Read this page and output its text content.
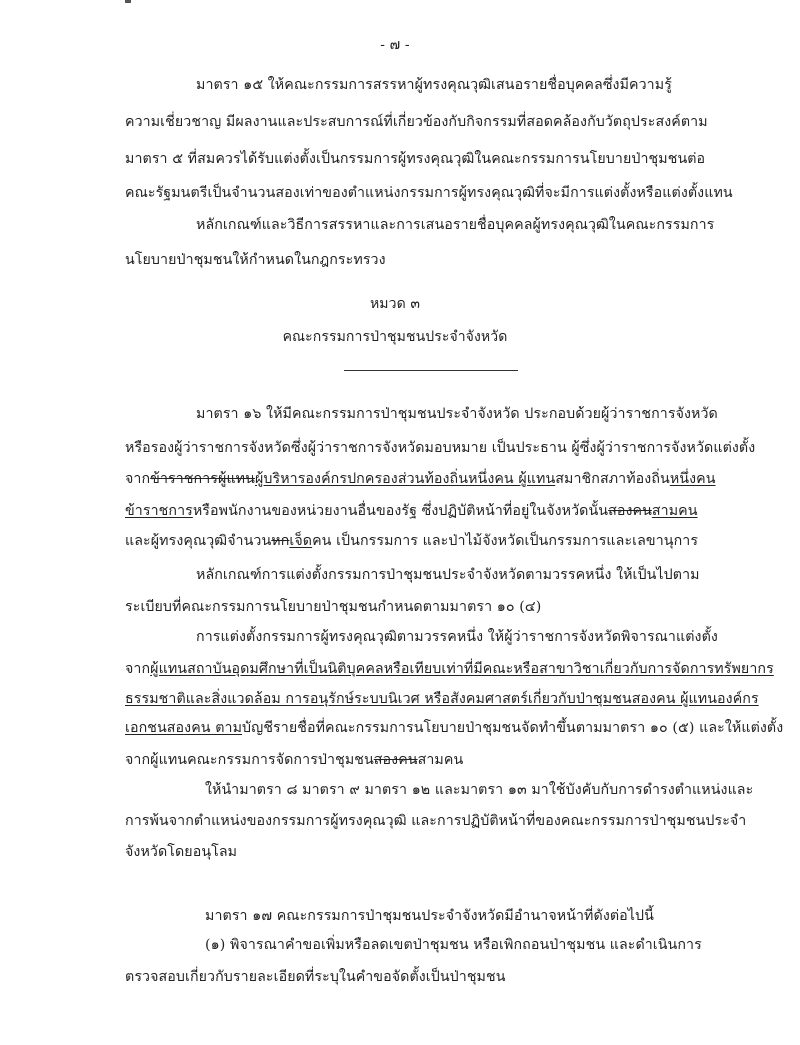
- ๗ -
มาตรา ๑๕ ให้คณะกรรมการสรรหาผู้ทรงคุณวุฒิเสนอรายชื่อบุคคลซึ่งมีความรู้
ความเชี่ยวชาญ มีผลงานและประสบการณ์ที่เกี่ยวข้องกับกิจกรรมที่สอดคล้องกับวัตถุประสงค์ตาม
มาตรา ๕ ที่สมควรได้รับแต่งตั้งเป็นกรรมการผู้ทรงคุณวุฒิในคณะกรรมการนโยบายป่าชุมชนต่อ
คณะรัฐมนตรีเป็นจำนวนสองเท่าของตำแหน่งกรรมการผู้ทรงคุณวุฒิที่จะมีการแต่งตั้งหรือแต่งตั้งแทน
หลักเกณฑ์และวิธีการสรรหาและการเสนอรายชื่อบุคคลผู้ทรงคุณวุฒิในคณะกรรมการ
นโยบายป่าชุมชนให้กำหนดในกฎกระทรวง
หมวด ๓
คณะกรรมการป่าชุมชนประจำจังหวัด
มาตรา ๑๖ ให้มีคณะกรรมการป่าชุมชนประจำจังหวัด ประกอบด้วยผู้ว่าราชการจังหวัด
หรือรองผู้ว่าราชการจังหวัดซึ่งผู้ว่าราชการจังหวัดมอบหมาย เป็นประธาน ผู้ซึ่งผู้ว่าราชการจังหวัดแต่งตั้ง
จากข้าราชการผู้แทนผู้บริหารองค์กรปกครองส่วนท้องถิ่นหนึ่งคน ผู้แทนสมาชิกสภาท้องถิ่นหนึ่งคน
ข้าราชการหรือพนักงานของหน่วยงานอื่นของรัฐ ซึ่งปฏิบัติหน้าที่อยู่ในจังหวัดนั้นสองคนสามคน
และผู้ทรงคุณวุฒิจำนวนหกเจ็ดคน เป็นกรรมการ และป่าไม้จังหวัดเป็นกรรมการและเลขานุการ
หลักเกณฑ์การแต่งตั้งกรรมการป่าชุมชนประจำจังหวัดตามวรรคหนึ่ง ให้เป็นไปตาม
ระเบียบที่คณะกรรมการนโยบายป่าชุมชนกำหนดตามมาตรา ๑๐ (๔)
การแต่งตั้งกรรมการผู้ทรงคุณวุฒิตามวรรคหนึ่ง ให้ผู้ว่าราชการจังหวัดพิจารณาแต่งตั้ง
จากผู้แทนสถาบันอุดมศึกษาที่เป็นนิติบุคคลหรือเทียบเท่าที่มีคณะหรือสาขาวิชาเกี่ยวกับการจัดการทรัพยากร
ธรรมชาติและสิ่งแวดล้อม การอนุรักษ์ระบบนิเวศ หรือสังคมศาสตร์เกี่ยวกับป่าชุมชนสองคน ผู้แทนองค์กร
เอกชนสองคน ตามบัญชีรายชื่อที่คณะกรรมการนโยบายป่าชุมชนจัดทำขึ้นตามมาตรา ๑๐ (๕) และให้แต่งตั้ง
จากผู้แทนคณะกรรมการจัดการป่าชุมชนสองคนสามคน
ให้นำมาตรา ๘ มาตรา ๙ มาตรา ๑๒ และมาตรา ๑๓ มาใช้บังคับกับการดำรงตำแหน่งและ
การพ้นจากตำแหน่งของกรรมการผู้ทรงคุณวุฒิ และการปฏิบัติหน้าที่ของคณะกรรมการป่าชุมชนประจำ
จังหวัดโดยอนุโลม
มาตรา ๑๗ คณะกรรมการป่าชุมชนประจำจังหวัดมีอำนาจหน้าที่ดังต่อไปนี้
(๑) พิจารณาคำขอเพิ่มหรือลดเขตป่าชุมชน หรือเพิกถอนป่าชุมชน และดำเนินการ
ตรวจสอบเกี่ยวกับรายละเอียดที่ระบุในคำขอจัดตั้งเป็นป่าชุมชน
